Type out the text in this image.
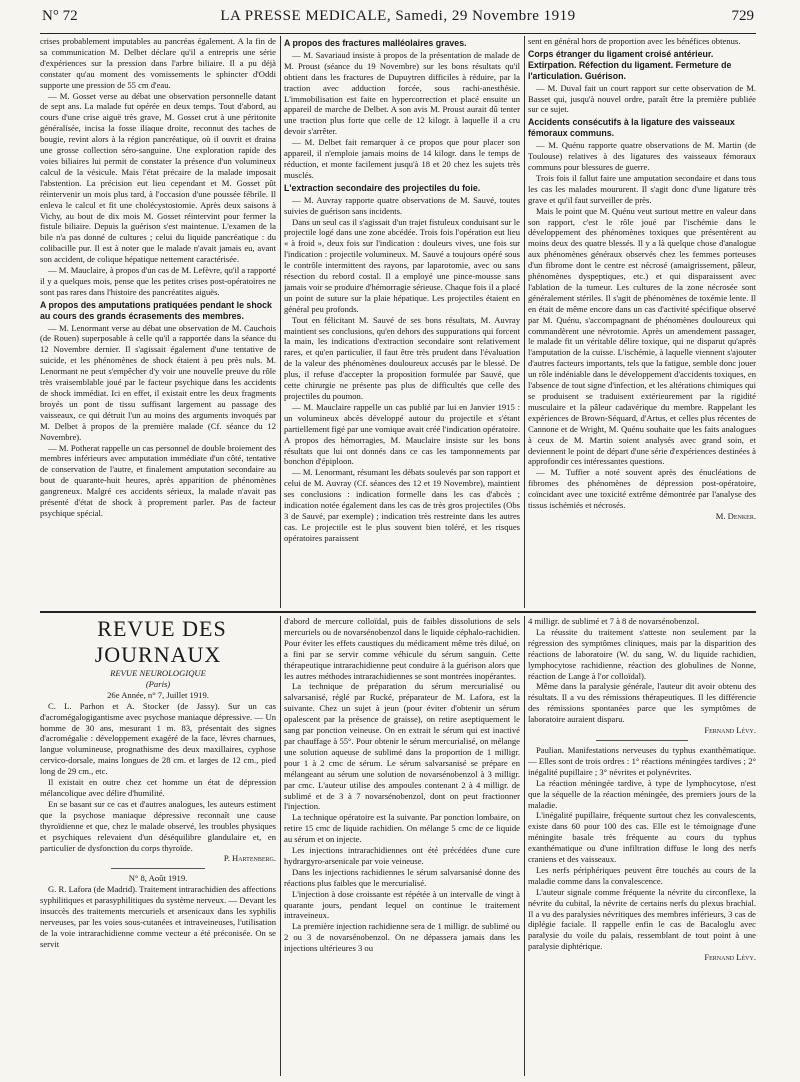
N° 72	LA PRESSE MEDICALE, Samedi, 29 Novembre 1919	729

crises probablement imputables au pancréas également. A la fin de sa communication M. Delbet déclare qu'il a entrepris une série d'expériences sur la pression dans l'arbre biliaire. Il a pu déjà constater qu'au moment des vomissements le sphincter d'Oddi supporte une pression de 55 cm d'eau.

— M. Gosset verse au débat une observation personnelle datant de sept ans. La malade fut opérée en deux temps. Tout d'abord, au cours d'une crise aiguë très grave, M. Gosset crut à une péritonite généralisée, incisa la fosse iliaque droite, reconnut des taches de bougie, revint alors à la région pancréatique, où il ouvrit et draina une grosse collection séro-sanguine. Une exploration rapide des voies biliaires lui permit de constater la présence d'un volumineux calcul de la vésicule. Mais l'état précaire de la malade imposait l'abstention. La précision eut lieu cependant et M. Gosset pût réintervenir un mois plus tard, à l'occasion d'une poussée fébrile. Il enleva le calcul et fit une cholécystostomie. Après deux saisons à Vichy, au bout de dix mois M. Gosset réintervint pour fermer la fistule biliaire. Depuis la guérison s'est maintenue. L'examen de la bile n'a pas donné de cultures ; celui du liquide pancréatique : du colibacille pur. Il est à noter que le malade n'avait jamais eu, avant son accident, de colique hépatique nettement caractérisée.

— M. Mauclaire, à propos d'un cas de M. Lefèvre, qu'il a rapporté il y a quelques mois, pense que les petites crises post-opératoires ne sont pas rares dans l'histoire des pancréatites aiguës.

A propos des amputations pratiquées pendant le shock au cours des grands écrasements des membres.

— M. Lenormant verse au débat une observation de M. Cauchois (de Rouen) superposable à celle qu'il a rapportée dans la séance du 12 Novembre dernier. Il s'agissait également d'une tentative de suicide, et les phénomènes de shock étaient à peu près nuls. M. Lenormant ne peut s'empêcher d'y voir une nouvelle preuve du rôle très vraisemblable joué par le facteur psychique dans les accidents de shock immédiat. Ici en effet, il existait entre les deux fragments broyés un pont de tissu suffisant largement au passage des vaisseaux, ce qui détruit l'un au moins des arguments invoqués par M. Delbet à propos de la première malade (Cf. séance du 12 Novembre).

— M. Potherat rappelle un cas personnel de double broiement des membres inférieurs avec amputation immédiate d'un côté, tentative de conservation de l'autre, et finalement amputation secondaire au bout de quarante-huit heures, après apparition de phénomènes gangreneux. Malgré ces accidents sérieux, la malade n'avait pas présenté d'état de shock à proprement parler. Pas de facteur psychique spécial.

A propos des fractures malléolaires graves.

— M. Savariaud insiste à propos de la présentation de malade de M. Proust (séance du 19 Novembre) sur les bons résultats qu'il obtient dans les fractures de Dupuytren difficiles à réduire, par la traction avec adduction forcée, sous rachi-anesthésie. L'immobilisation est faite en hypercorrection et placé ensuite un appareil de marche de Delbet. A son avis M. Proust aurait dû tenter une traction plus forte que celle de 12 kilogr. à laquelle il a cru devoir s'arrêter.

— M. Delbet fait remarquer à ce propos que pour placer son appareil, il n'emploie jamais moins de 14 kilogr. dans le temps de réduction, et monte facilement jusqu'à 18 et 20 chez les sujets très musclés.

L'extraction secondaire des projectiles du foie.

— M. Auvray rapporte quatre observations de M. Sauvé, toutes suivies de guérison sans incidents.

Dans un seul cas il s'agissait d'un trajet fistuleux conduisant sur le projectile logé dans une zone abcédée. Trois fois l'opération eut lieu « à froid », deux fois sur l'indication : douleurs vives, une fois sur l'indication : projectile volumineux. M. Sauvé a toujours opéré sous le contrôle intermittent des rayons, par laparotomie, avec ou sans résection du rebord costal. Il a employé une pince-mousse sans jamais voir se produire d'hémorragie sérieuse. Chaque fois il a placé un point de suture sur la plaie hépatique. Les projectiles étaient en général peu profonds.

Tout en félicitant M. Sauvé de ses bons résultats, M. Auvray maintient ses conclusions, qu'en dehors des suppurations qui forcent la main, les indications d'extraction secondaire sont relativement rares, et qu'en particulier, il faut être très prudent dans l'évaluation de la valeur des phénomènes douloureux accusés par le blessé. De plus, il refuse d'accepter la proposition formulée par Sauvé, que cette chirurgie ne présente pas plus de difficultés que celle des projectiles du poumon.

— M. Mauclaire rappelle un cas publié par lui en Janvier 1915 : un volumineux abcès développé autour du projectile et s'étant partiellement figé par une vomique avait créé l'indication opératoire. A propos des hémorragies, M. Mauclaire insiste sur les bons résultats que lui ont donnés dans ce cas les tamponnements par bonchon d'épiploon.

— M. Lenormant, résumant les débats soulevés par son rapport et celui de M. Auvray (Cf. séances des 12 et 19 Novembre), maintient ses conclusions : indication formelle dans les cas d'abcès ; indication notée également dans les cas de très gros projectiles (Obs 3 de Sauvé, par exemple) ; indication très restreinte dans les autres cas. Le projectile est le plus souvent bien toléré, et les risques opératoires paraissent

sent en général hors de proportion avec les bénéfices obtenus.

Corps étranger du ligament croisé antérieur. Extirpation. Réfection du ligament. Fermeture de l'articulation. Guérison.

— M. Duval fait un court rapport sur cette observation de M. Basset qui, jusqu'à nouvel ordre, paraît être la première publiée sur ce sujet.

Accidents consécutifs à la ligature des vaisseaux fémoraux communs.

— M. Quénu rapporte quatre observations de M. Martin (de Toulouse) relatives à des ligatures des vaisseaux fémoraux communs pour blessures de guerre.

Trois fois il fallut faire une amputation secondaire et dans tous les cas les malades moururent. Il s'agit donc d'une ligature très grave et qu'il faut surveiller de près.

Mais le point que M. Quénu veut surtout mettre en valeur dans son rapport, c'est le rôle joué par l'ischémie dans le développement des phénomènes toxiques que présentèrent au moins deux des quatre blessés. Il y a là quelque chose d'analogue aux phénomènes généraux observés chez les femmes porteuses d'un fibrome dont le centre est nécrosé (amaigrissement, pâleur, phénomènes dyspeptiques, etc.) et qui disparaissent avec l'ablation de la tumeur. Les cultures de la zone nécrosée sont généralement stériles. Il s'agit de phénomènes de toxémie lente. Il en était de même encore dans un cas d'activité spécifique observé par M. Quénu, s'accompagnant de phénomènes douloureux qui commandèrent une névrotomie. Après un amendement passager, le malade fit un véritable délire toxique, qui ne disparut qu'après l'amputation de la cuisse. L'ischémie, à laquelle viennent s'ajouter d'autres facteurs importants, tels que la fatigue, semble donc jouer un rôle indéniable dans le développement d'accidents toxiques, en l'absence de tout signe d'infection, et les altérations chimiques qui se produisent se traduisent extérieurement par la rigidité musculaire et la pâleur cadavérique du membre. Rappelant les expériences de Brown-Séquard, d'Artus, et celles plus récentes de Cannone et de Wright, M. Quénu souhaite que les faits analogues à ceux de M. Martin soient analysés avec grand soin, et deviennent le point de départ d'une série d'expériences destinées à approfondir ces intéressantes questions.

— M. Tuffier a noté souvent après des énucléations de fibromes des phénomènes de dépression post-opératoire, coïncidant avec une toxicité extrême démontrée par l'analyse des tissus ischémiés et nécrosés.

M. Denker.

REVUE DES JOURNAUX

REVUE NEUROLOGIQUE

(Paris)

26e Année, n° 7, Juillet 1919.

C. L. Parhon et A. Stocker (de Jassy). Sur un cas d'acromégalogigantisme avec psychose maniaque dépressive. — Un homme de 30 ans, mesurant 1 m. 83, présentait des signes d'acromégalie : développement exagéré de la face, lèvres charnues, langue volumineuse, prognathisme des deux maxillaires, cyphose cervico-dorsale, mains longues de 28 cm. et larges de 12 cm., pied long de 29 cm., etc.

Il existait en outre chez cet homme un état de dépression mélancolique avec délire d'humilité.

En se basant sur ce cas et d'autres analogues, les auteurs estiment que la psychose maniaque dépressive reconnaît une cause thyroïdienne et que, chez le malade observé, les troubles physiques et psychiques relevaient d'un déséquilibre glandulaire et, en particulier de dysfonction du corps thyroïde.

P. Hartenberg.

N° 8, Août 1919.

G. R. Lafora (de Madrid). Traitement intrarachidien des affections syphilitiques et parasyphilitiques du système nerveux. — Devant les insuccès des traitements mercuriels et arsenicaux dans les syphilis nerveuses, par les voies sous-cutanées et intraveineuses, l'utilisation de la voie intrarachidienne comme vecteur a été préconisée. On se servit

d'abord de mercure colloïdal, puis de faibles dissolutions de sels mercuriels ou de novarsénobenzol dans le liquide céphalo-rachidien. Pour éviter les effets caustiques du médicament même très dilué, on a fini par se servir comme véhicule du sérum sanguin. Cette thérapeutique intrarachidienne peut conduire à la guérison alors que les autres méthodes intrarachidiennes se sont montrées inopérantes.

La technique de préparation du sérum mercurialisé ou salvarsanisé, réglé par Rucké, préparateur de M. Lafora, est la suivante. Chez un sujet à jeun (pour éviter d'obtenir un sérum opalescent par la présence de graisse), on retire aseptiquement le sang par ponction veineuse. On en extrait le sérum qui est inactivé par chauffage à 55°. Pour obtenir le sérum mercurialisé, on mélange une solution aqueuse de sublimé dans la proportion de 1 milligr. pour 1 à 2 cmc de sérum. Le sérum salvarsanisé se prépare en mélangeant au sérum une solution de novarsénobenzol à 3 milligr. par cmc. L'auteur utilise des ampoules contenant 2 à 4 milligr. de sublimé et de 3 à 7 novarsénobenzol, dont on peut fractionner l'injection.

La technique opératoire est la suivante. Par ponction lombaire, on retire 15 cmc de liquide rachidien. On mélange 5 cmc de ce liquide au sérum et on injecte.

Les injections intrarachidiennes ont été précédées d'une cure hydrargyro-arsenicale par voie veineuse.

Dans les injections rachidiennes le sérum salvarsanisé donne des réactions plus faibles que le mercurialisé.

L'injection à dose croissante est répétée à un intervalle de vingt à quarante jours, pendant lequel on continue le traitement intraveineux.

La première injection rachidienne sera de 1 milligr. de sublimé ou 2 ou 3 de novarsénobenzol. On ne dépassera jamais dans les injections ultérieures 3 ou

4 milligr. de sublimé et 7 à 8 de novarsénobenzol.

La réussite du traitement s'atteste non seulement par la régression des symptômes cliniques, mais par la disparition des réactions de laboratoire (W. du sang, W. du liquide rachidien, lymphocytose rachidienne, réaction des globulines de Nonne, réaction de Lange à l'or colloïdal).

Même dans la paralysie générale, l'auteur dit avoir obtenu des résultats. Il a vu des rémissions thérapeutiques. Il les différencie des rémissions spontanées parce que les symptômes de laboratoire auraient disparu.

Fernand Lévy.

Paulian. Manifestations nerveuses du typhus exanthématique. — Elles sont de trois ordres : 1° réactions méningées tardives ; 2° inégalité pupillaire ; 3° névrites et polynévrites.

La réaction méningée tardive, à type de lymphocytose, n'est que la séquelle de la réaction méningée, des premiers jours de la maladie.

L'inégalité pupillaire, fréquente surtout chez les convalescents, existe dans 60 pour 100 des cas. Elle est le témoignage d'une méningite basale très fréquente au cours du typhus exanthématique ou d'une infiltration diffuse le long des nerfs craniens et des vaisseaux.

Les nerfs périphériques peuvent être touchés au cours de la maladie comme dans la convalescence.

L'auteur signale comme fréquente la névrite du circonflexe, la névrite du cubital, la névrite de certains nerfs du plexus brachial. Il a vu des paralysies névritiques des membres inférieurs, 3 cas de diplégie faciale. Il rappelle enfin le cas de Bacaloglu avec paralysie du voile du palais, ressemblant de tout point à une paralysie diphtérique.

Fernand Lévy.
